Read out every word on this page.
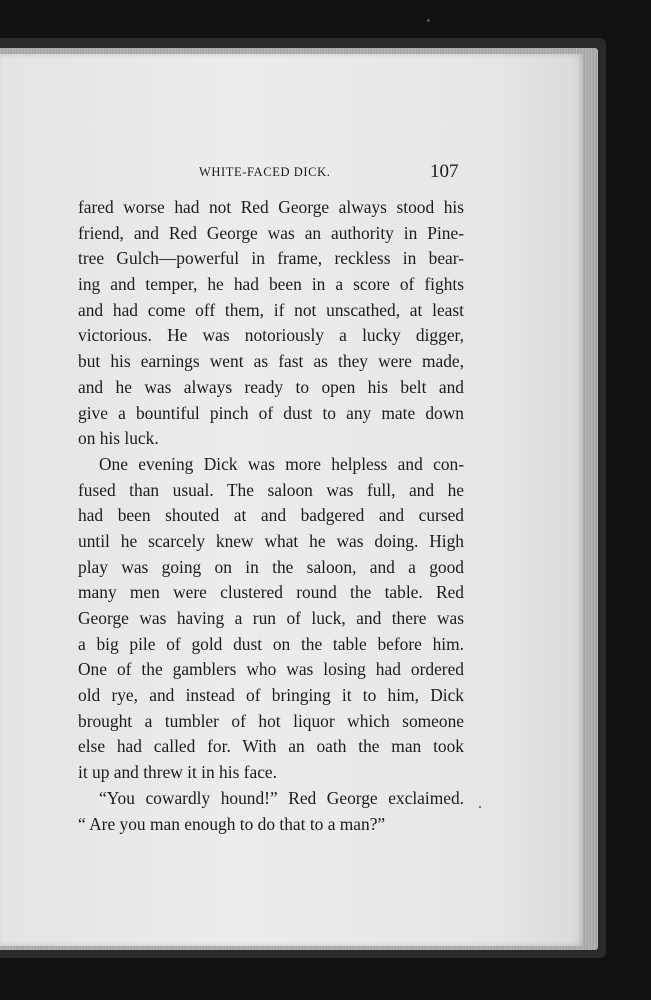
WHITE-FACED DICK.	107
fared worse had not Red George always stood his
friend, and Red George was an authority in Pine-
tree Gulch—powerful in frame, reckless in bear-
ing and temper, he had been in a score of fights
and had come off them, if not unscathed, at least
victorious. He was notoriously a lucky digger,
but his earnings went as fast as they were made,
and he was always ready to open his belt and
give a bountiful pinch of dust to any mate down
on his luck.
One evening Dick was more helpless and con-
fused than usual. The saloon was full, and he
had been shouted at and badgered and cursed
until he scarcely knew what he was doing. High
play was going on in the saloon, and a good
many men were clustered round the table. Red
George was having a run of luck, and there was
a big pile of gold dust on the table before him.
One of the gamblers who was losing had ordered
old rye, and instead of bringing it to him, Dick
brought a tumbler of hot liquor which someone
else had called for. With an oath the man took
it up and threw it in his face.
“You cowardly hound!” Red George exclaimed.
“ Are you man enough to do that to a man?”
